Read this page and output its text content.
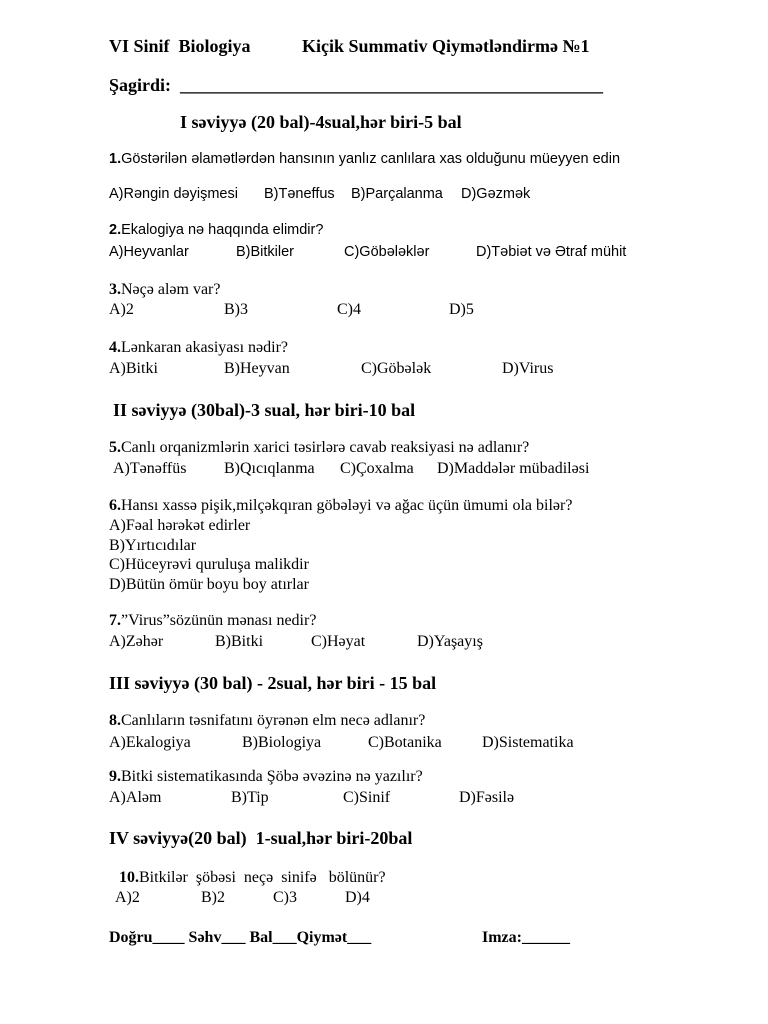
VI Sinif  Biologiya	Kiçik Summativ Qiymətləndirmə №1
Şagirdi: _______________________________________________
I səviyyə (20 bal)-4sual,hər biri-5 bal
1.Göstərilən əlamətlərdən hansının yanlız canlılara xas olduğunu müeyyen edin
A)Rəngin dəyişmesi B)Təneffus B)Parçalanma D)Gəzmək
2.Ekalogiya nə haqqında elimdir?
A)Heyvanlar	B)Bitkiler	C)Göbələklər	D)Təbiət və Ətraf mühit
3.Nəçə aləm var?
A)2	B)3	C)4	D)5
4.Lənkaran akasiyası nədir?
A)Bitki	B)Heyvan	C)Göbələk	D)Virus
II səviyyə (30bal)-3 sual, hər biri-10 bal
5.Canlı orqanizmlərin xarici təsirlərə cavab reaksiyasi nə adlanır?
A)Tənəffüs B)Qıcıqlanma C)Çoxalma D)Maddələr mübadiləsi
6.Hansı xassə pişik,milçəkqıran göbələyi və ağac üçün ümumi ola bilər?
A)Fəal hərəkət edirler
B)Yırtıcıdılar
C)Hüceyrəvi quruluşa malikdir
D)Bütün ömür boyu boy atırlar
7.”Virus”sözünün mənası nedir?
A)Zəhər	B)Bitki	C)Həyat	D)Yaşayış
III səviyyə (30 bal) - 2sual, hər biri - 15 bal
8.Canlıların təsnifatını öyrənən elm necə adlanır?
A)Ekalogiya	B)Biologiya	C)Botanika	D)Sistematika
9.Bitki sistematikasında Şöbə əvəzinə nə yazılır?
A)Aləm	B)Tip	C)Sinif	D)Fəsilə
IV səviyyə(20 bal)  1-sual,hər biri-20bal
10.Bitkilər  şöbəsi  neçə  sinifə   bölünür?
A)2	B)2	C)3	D)4
Doğru____ Səhv___ Bal___Qiymət___	Imza:______
